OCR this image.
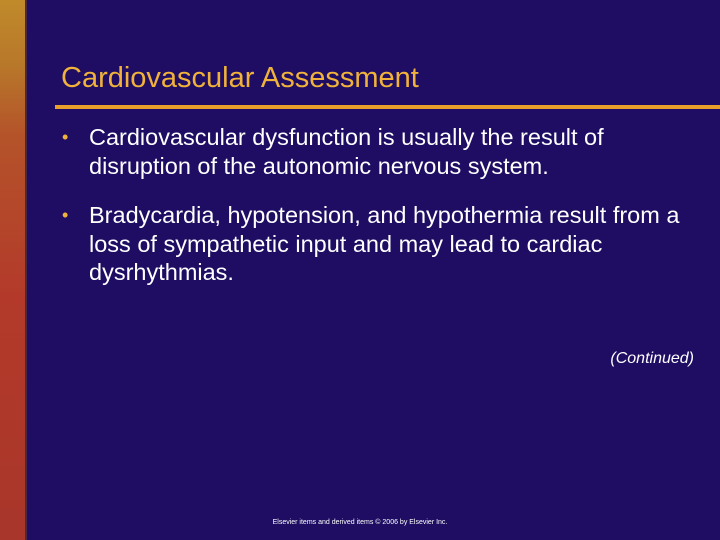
Cardiovascular Assessment
• Cardiovascular dysfunction is usually the result of disruption of the autonomic nervous system.
• Bradycardia, hypotension, and hypothermia result from a loss of sympathetic input and may lead to cardiac dysrhythmias.
(Continued)
Elsevier items and derived items © 2006 by Elsevier Inc.
